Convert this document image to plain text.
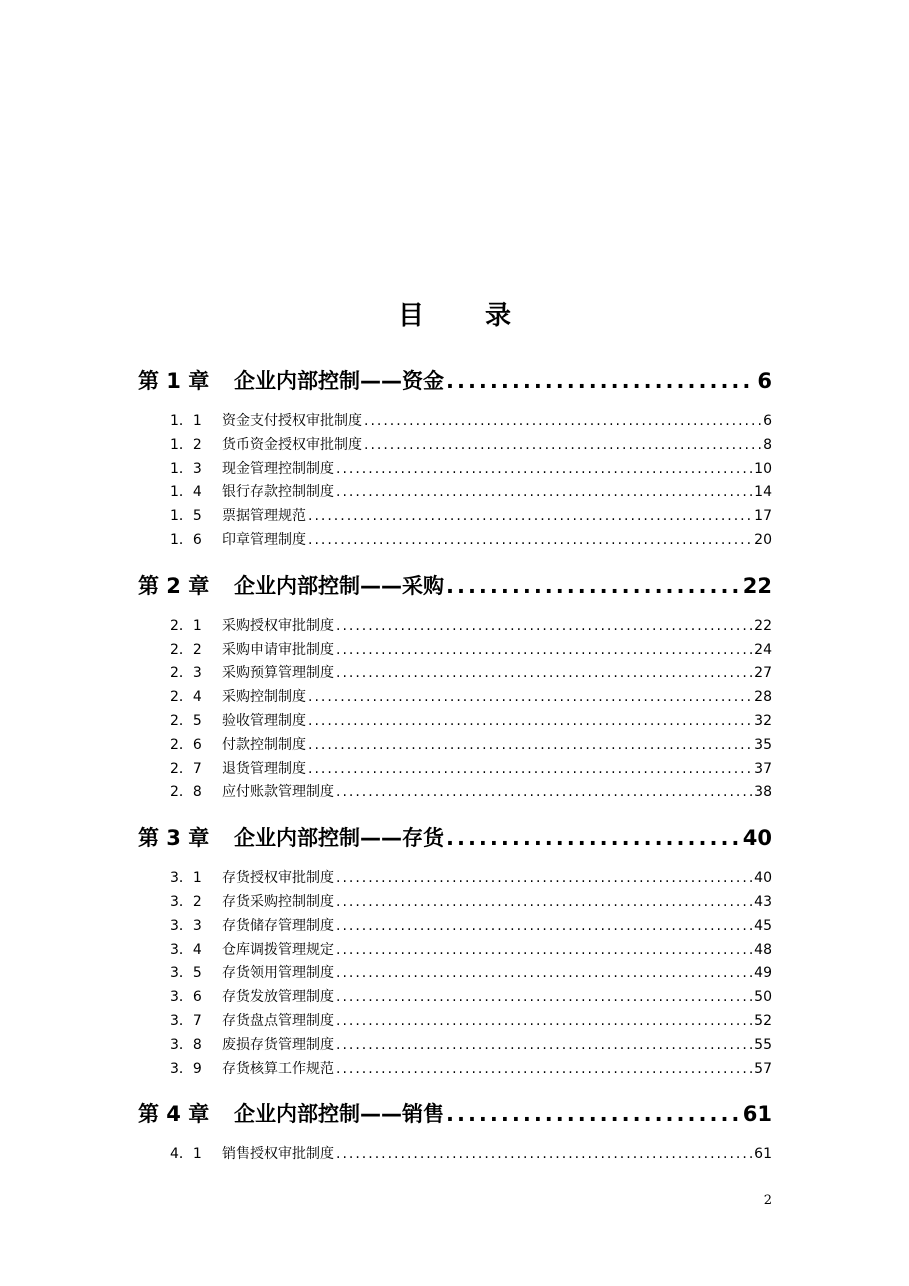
目 录
第 1 章	企业内部控制——资金 .....	6
1．1	资金支付授权审批制度 .....	6
1．2	货币资金授权审批制度 .....	8
1．3	现金管理控制制度 .....	10
1．4	银行存款控制制度 .....	14
1．5	票据管理规范 .....	17
1．6	印章管理制度 .....	20
第 2 章	企业内部控制——采购 .....	22
2．1	采购授权审批制度 .....	22
2．2	采购申请审批制度 .....	24
2．3	采购预算管理制度 .....	27
2．4	采购控制制度 .....	28
2．5	验收管理制度 .....	32
2．6	付款控制制度 .....	35
2．7	退货管理制度 .....	37
2．8	应付账款管理制度 .....	38
第 3 章	企业内部控制——存货 .....	40
3．1	存货授权审批制度 .....	40
3．2	存货采购控制制度 .....	43
3．3	存货储存管理制度 .....	45
3．4	仓库调拨管理规定 .....	48
3．5	存货领用管理制度 .....	49
3．6	存货发放管理制度 .....	50
3．7	存货盘点管理制度 .....	52
3．8	废损存货管理制度 .....	55
3．9	存货核算工作规范 .....	57
第 4 章	企业内部控制——销售 .....	61
4．1	销售授权审批制度 .....	61
2
